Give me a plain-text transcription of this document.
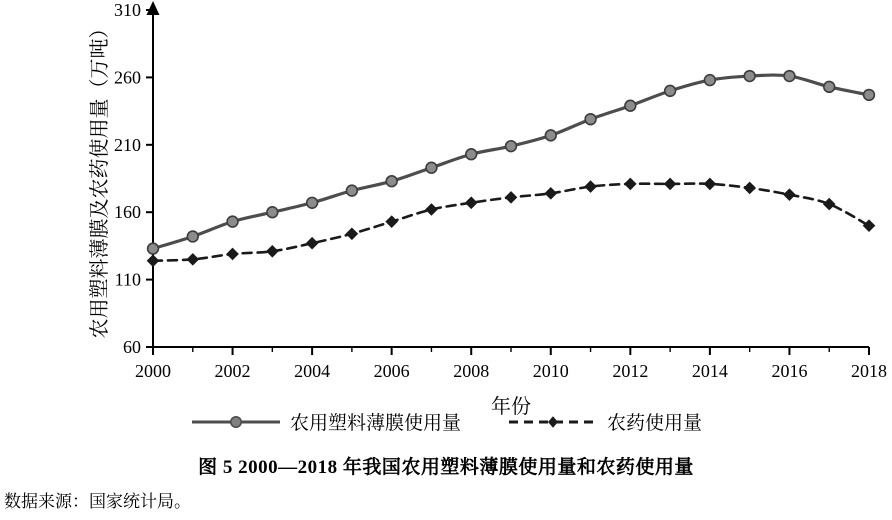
60
110
160
210
260
310
2000 2002 2004 2006 2008 2010 2012 2014 2016 2018
年份
农用塑料薄膜及农药使用量（万吨）
农用塑料薄膜使用量	农药使用量
图 5 2000—2018 年我国农用塑料薄膜使用量和农药使用量
数据来源：国家统计局。
